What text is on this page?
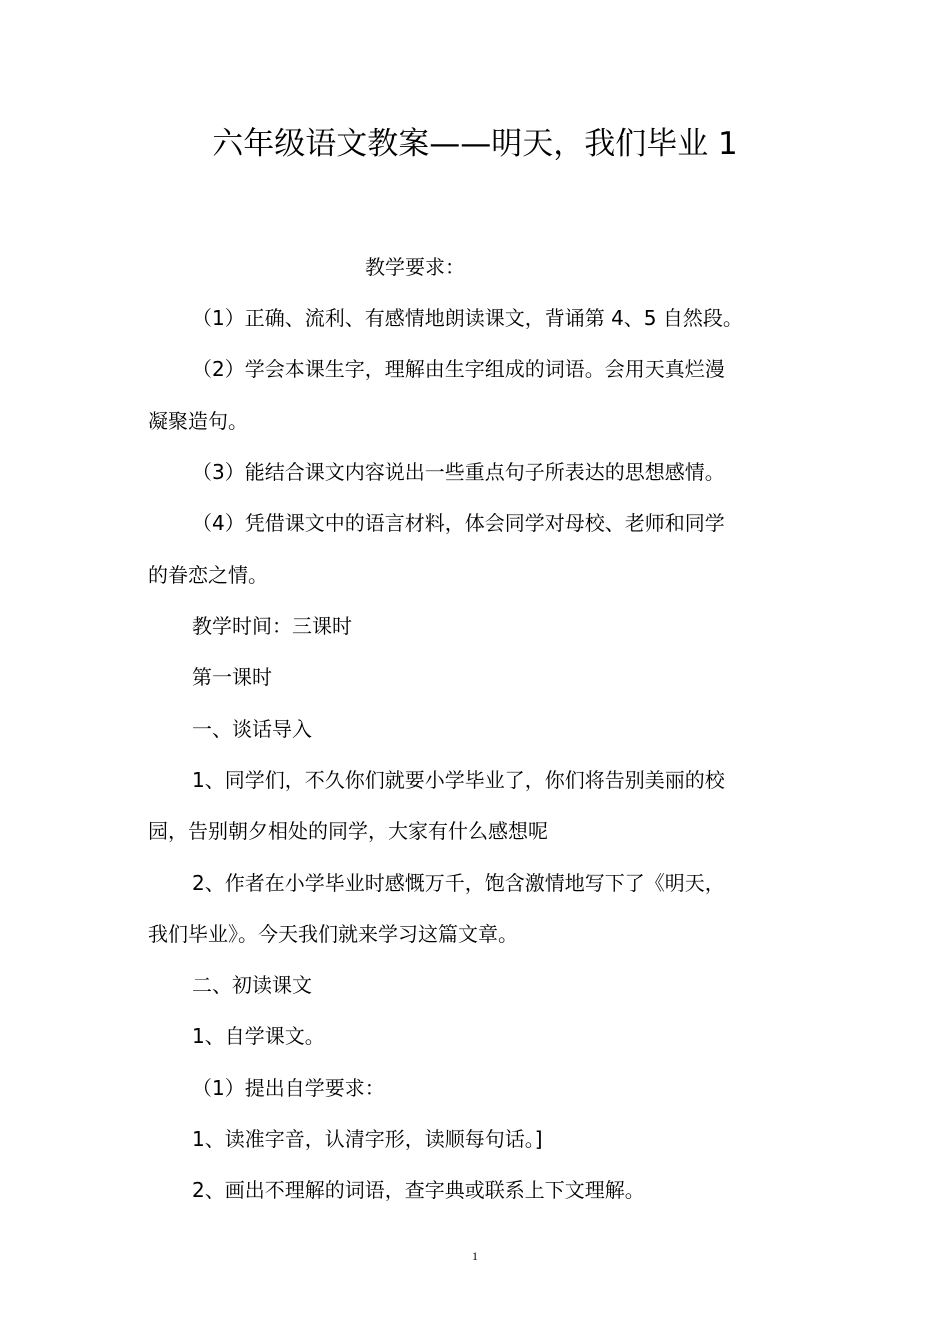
六年级语文教案——明天，我们毕业 1
教学要求：
（1）正确、流利、有感情地朗读课文，背诵第 4、5 自然段。
（2）学会本课生字，理解由生字组成的词语。会用天真烂漫
凝聚造句。
（3）能结合课文内容说出一些重点句子所表达的思想感情。
（4）凭借课文中的语言材料，体会同学对母校、老师和同学
的眷恋之情。
教学时间：三课时
第一课时
一、谈话导入
1、同学们，不久你们就要小学毕业了，你们将告别美丽的校
园，告别朝夕相处的同学，大家有什么感想呢
2、作者在小学毕业时感慨万千，饱含激情地写下了《明天，
我们毕业》。今天我们就来学习这篇文章。
二、初读课文
1、自学课文。
（1）提出自学要求：
1、读准字音，认清字形，读顺每句话。]
2、画出不理解的词语，查字典或联系上下文理解。
1
